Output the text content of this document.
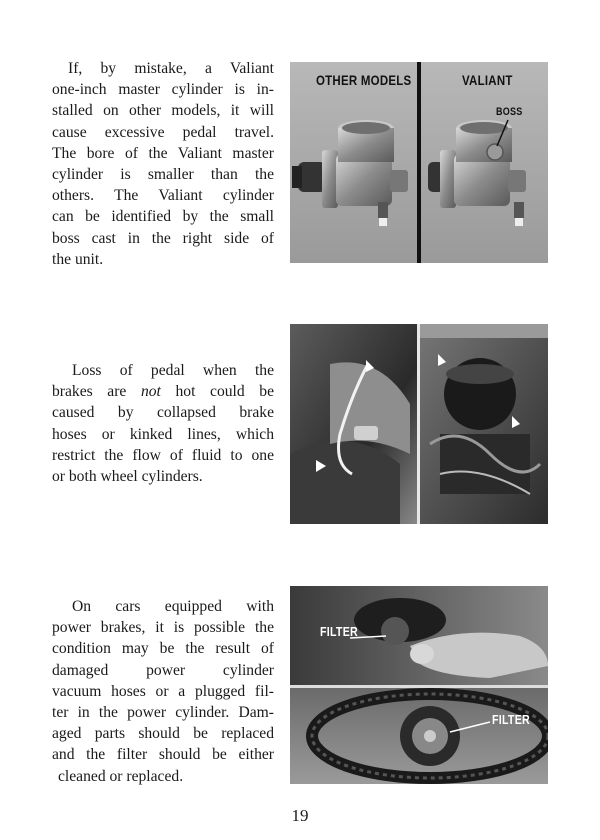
If, by mistake, a Valiant
one-inch master cylinder is in-
stalled on other models, it will
cause excessive pedal travel.
The bore of the Valiant master
cylinder is smaller than the
others. The Valiant cylinder
can be identified by the small
boss cast in the right side of
the unit.

Loss of pedal when the
brakes are not hot could be
caused by collapsed brake
hoses or kinked lines, which
restrict the flow of fluid to one
or both wheel cylinders.

On cars equipped with
power brakes, it is possible the
condition may be the result of
damaged power cylinder
vacuum hoses or a plugged fil-
ter in the power cylinder. Dam-
aged parts should be replaced
and the filter should be either
cleaned or replaced.

OTHER MODELS	VALIANT
BOSS
FILTER
FILTER
19
